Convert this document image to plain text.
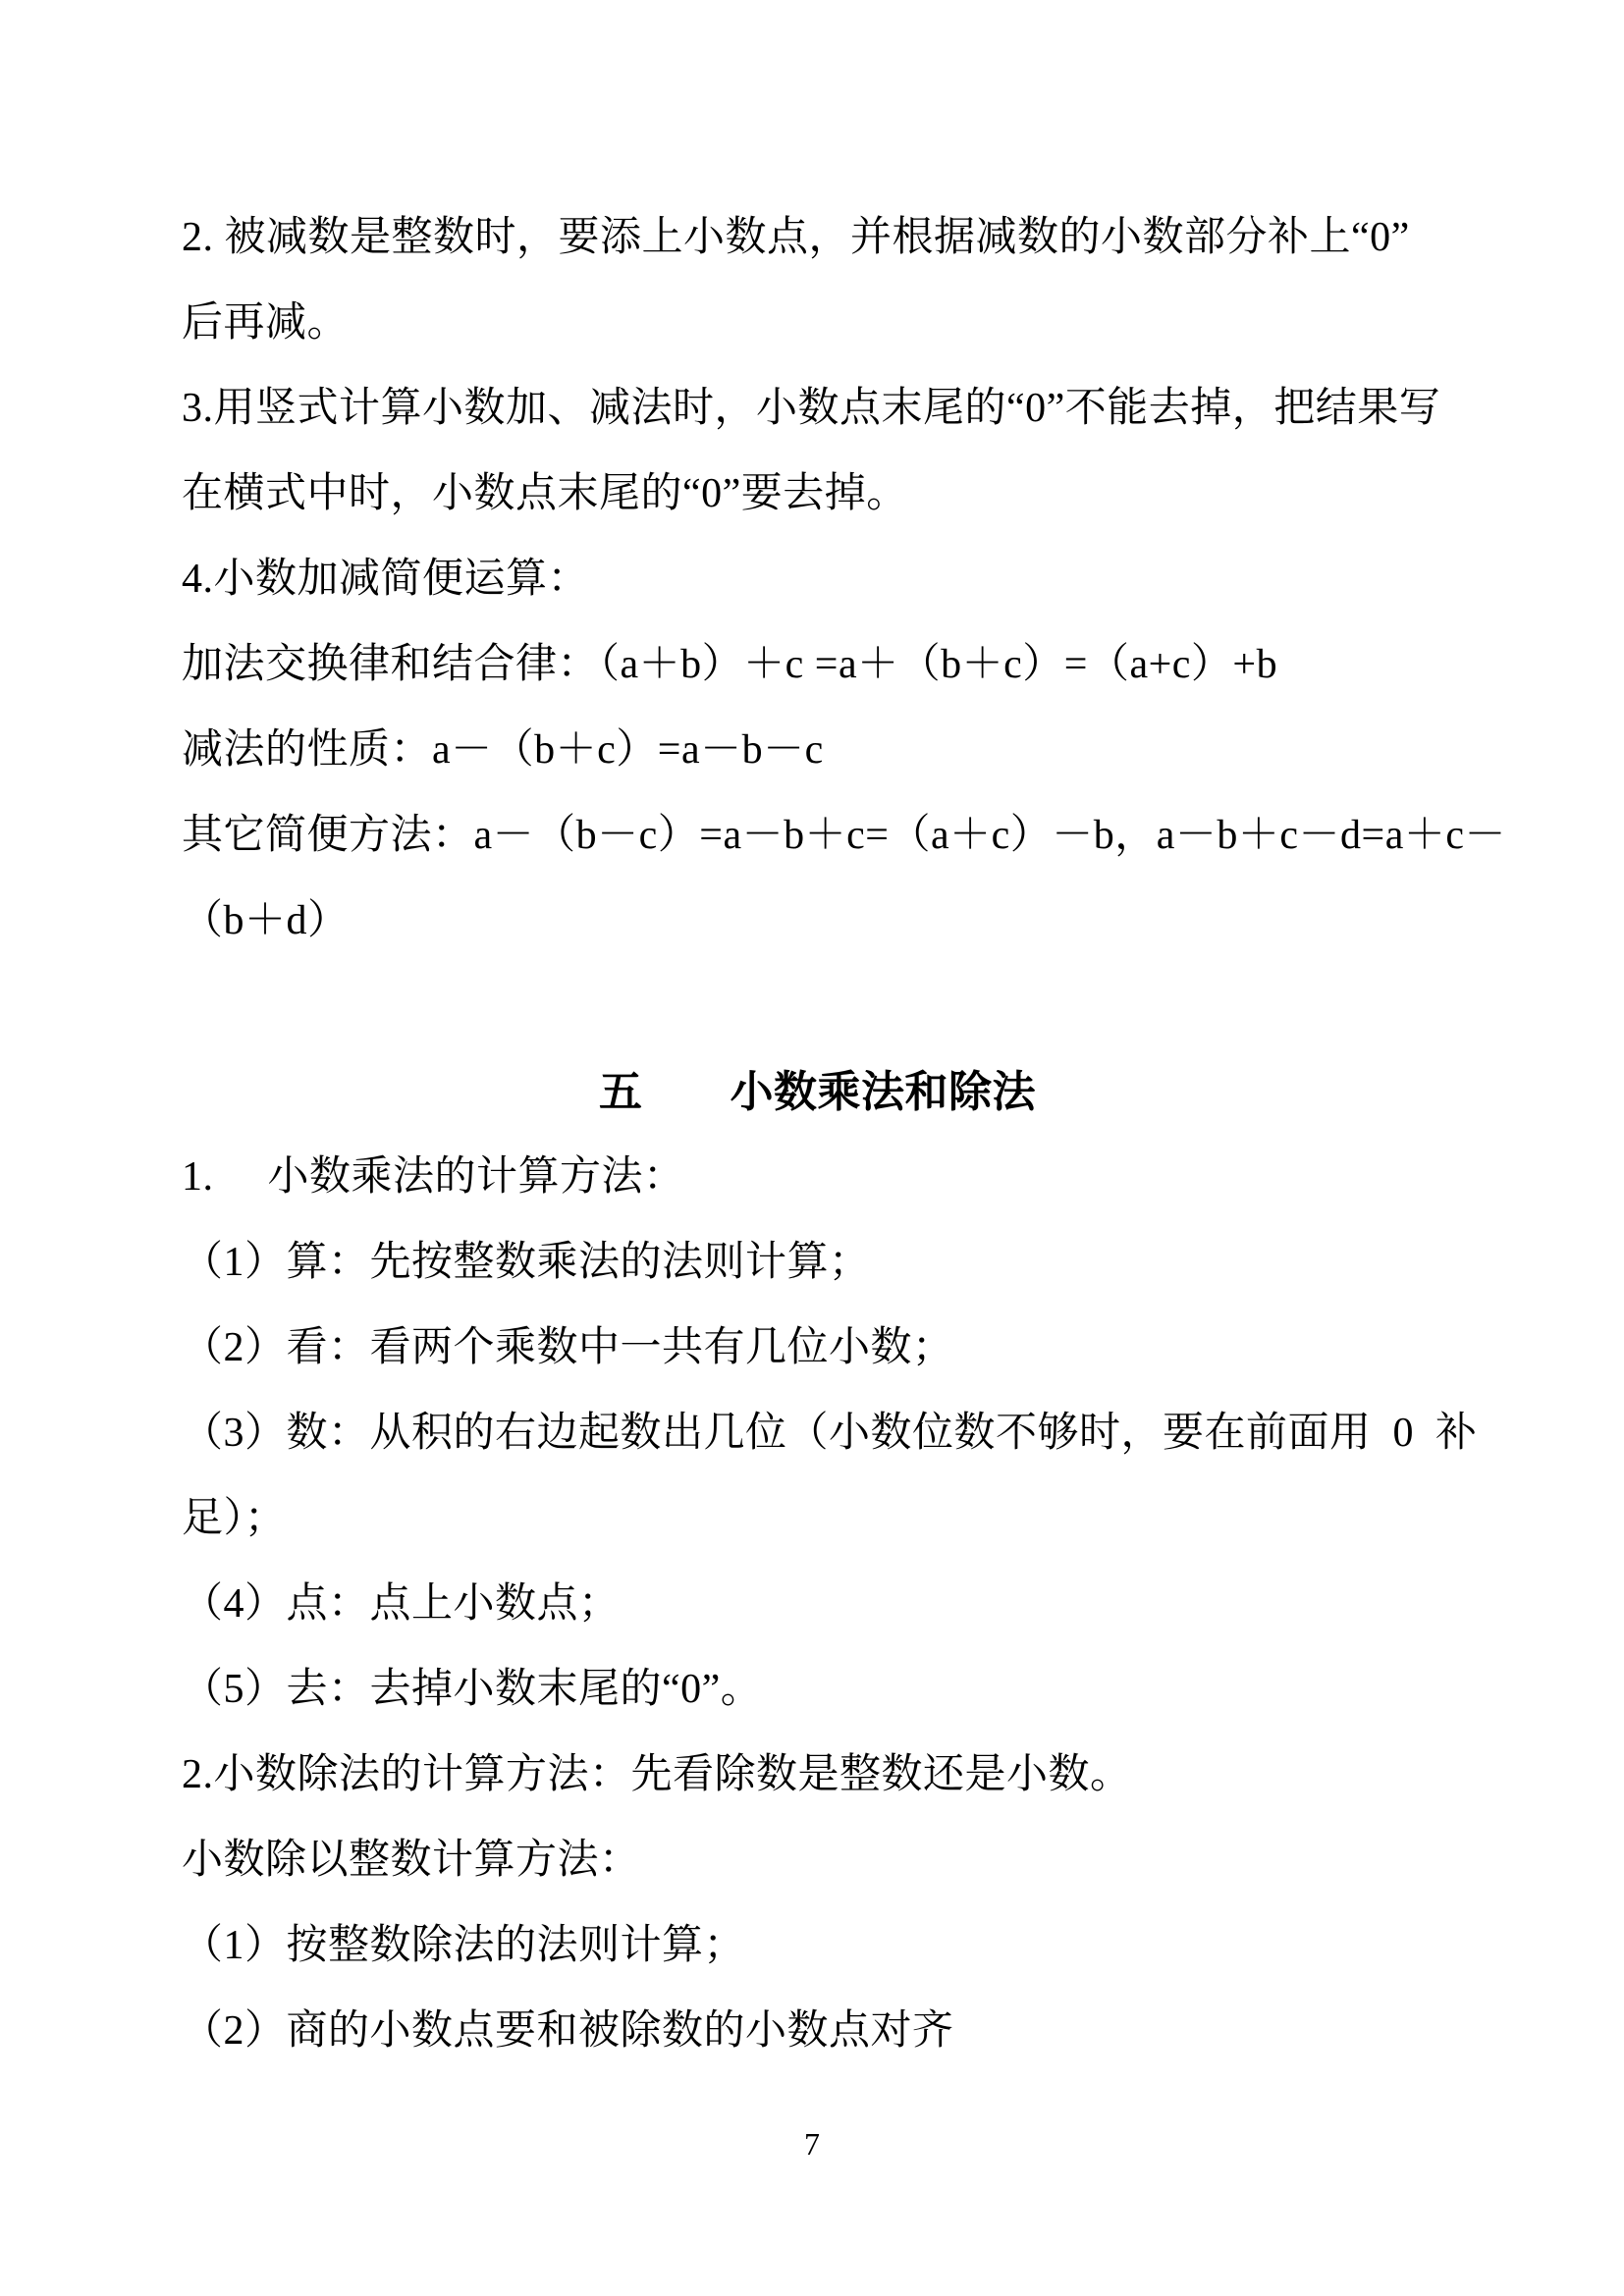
2. 被减数是整数时，要添上小数点，并根据减数的小数部分补上“0”
后再减。
3.用竖式计算小数加、减法时，小数点末尾的“0”不能去掉，把结果写
在横式中时，小数点末尾的“0”要去掉。
4.小数加减简便运算：
加法交换律和结合律：（a＋b）＋c =a＋（b＋c）=（a+c）+b
减法的性质：a－（b＋c）=a－b－c
其它简便方法：a－（b－c）=a－b＋c=（a＋c）－b，a－b＋c－d=a＋c－
（b＋d）
五　　小数乘法和除法
1.     小数乘法的计算方法：
（1）算：先按整数乘法的法则计算；
（2）看：看两个乘数中一共有几位小数；
（3）数：从积的右边起数出几位（小数位数不够时，要在前面用  0  补
足）；
（4）点：点上小数点；
（5）去：去掉小数末尾的“0”。
2.小数除法的计算方法：先看除数是整数还是小数。
小数除以整数计算方法：
（1）按整数除法的法则计算；
（2）商的小数点要和被除数的小数点对齐
7
